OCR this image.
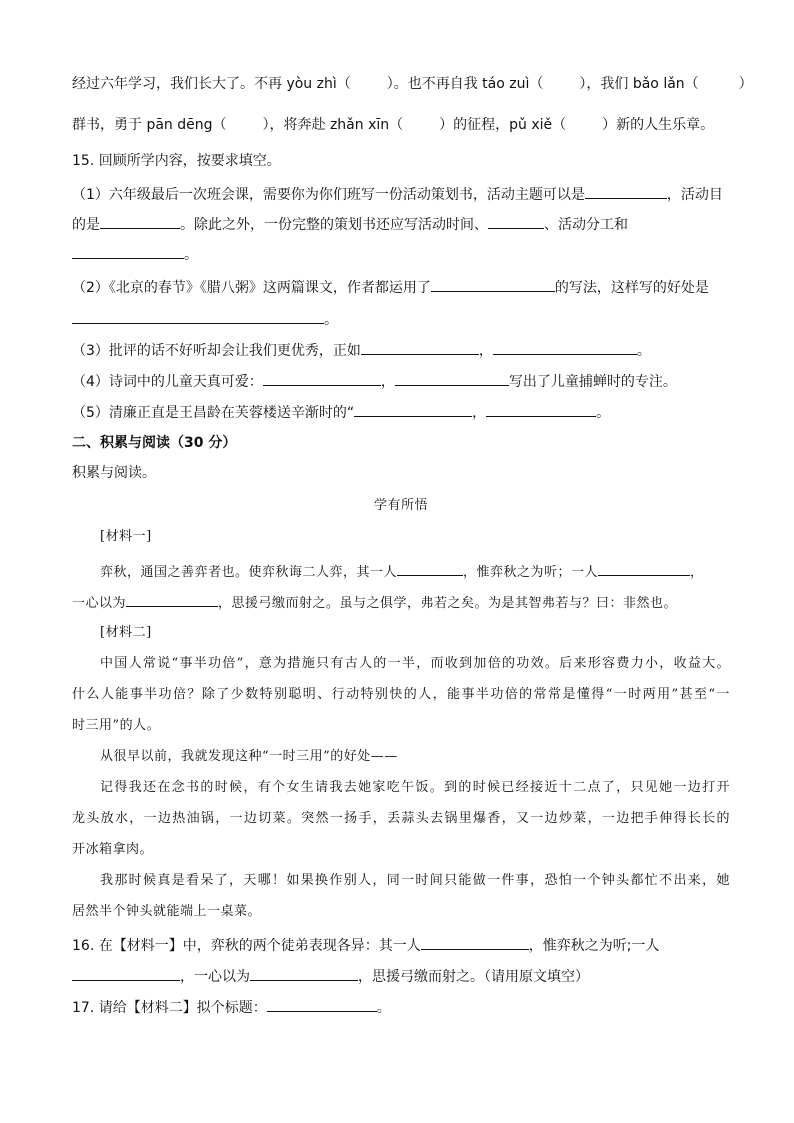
经过六年学习，我们长大了。不再 yòu zhì（	）。也不再自我 táo zuì（	），我们 bǎo lǎn（	）
群书，勇于 pān dēng（	），将奔赴 zhǎn xīn（	）的征程，pǔ xiě（	）新的人生乐章。
15. 回顾所学内容，按要求填空。
（1）六年级最后一次班会课，需要你为你们班写一份活动策划书，活动主题可以是	，活动目
的是	。除此之外，一份完整的策划书还应写活动时间、	、活动分工和
。
（2）《北京的春节》《腊八粥》这两篇课文，作者都运用了	的写法，这样写的好处是
。
（3）批评的话不好听却会让我们更优秀，正如	，	。
（4）诗词中的儿童天真可爱：	，	写出了儿童捕蝉时的专注。
（5）清廉正直是王昌龄在芙蓉楼送辛渐时的“	，	。
二、积累与阅读（30 分）
积累与阅读。
学有所悟
[材料一]
弈秋，通国之善弈者也。使弈秋诲二人弈，其一人	，惟弈秋之为听；一人	，
一心以为	，思援弓缴而射之。虽与之俱学，弗若之矣。为是其智弗若与？曰：非然也。
[材料二]
中国人常说“事半功倍”，意为措施只有古人的一半，而收到加倍的功效。后来形容费力小，收益大。
什么人能事半功倍？除了少数特别聪明、行动特别快的人，能事半功倍的常常是懂得“一时两用”甚至“一
时三用”的人。
从很早以前，我就发现这种“一时三用”的好处——
记得我还在念书的时候，有个女生请我去她家吃午饭。到的时候已经接近十二点了，只见她一边打开
龙头放水，一边热油锅，一边切菜。突然一扬手，丢蒜头去锅里爆香，又一边炒菜，一边把手伸得长长的
开冰箱拿肉。
我那时候真是看呆了，天哪！如果换作别人，同一时间只能做一件事，恐怕一个钟头都忙不出来，她
居然半个钟头就能端上一桌菜。
16. 在【材料一】中，弈秋的两个徒弟表现各异：其一人	，惟弈秋之为听;一人
，一心以为	，思援弓缴而射之。（请用原文填空）
17. 请给【材料二】拟个标题：	。
